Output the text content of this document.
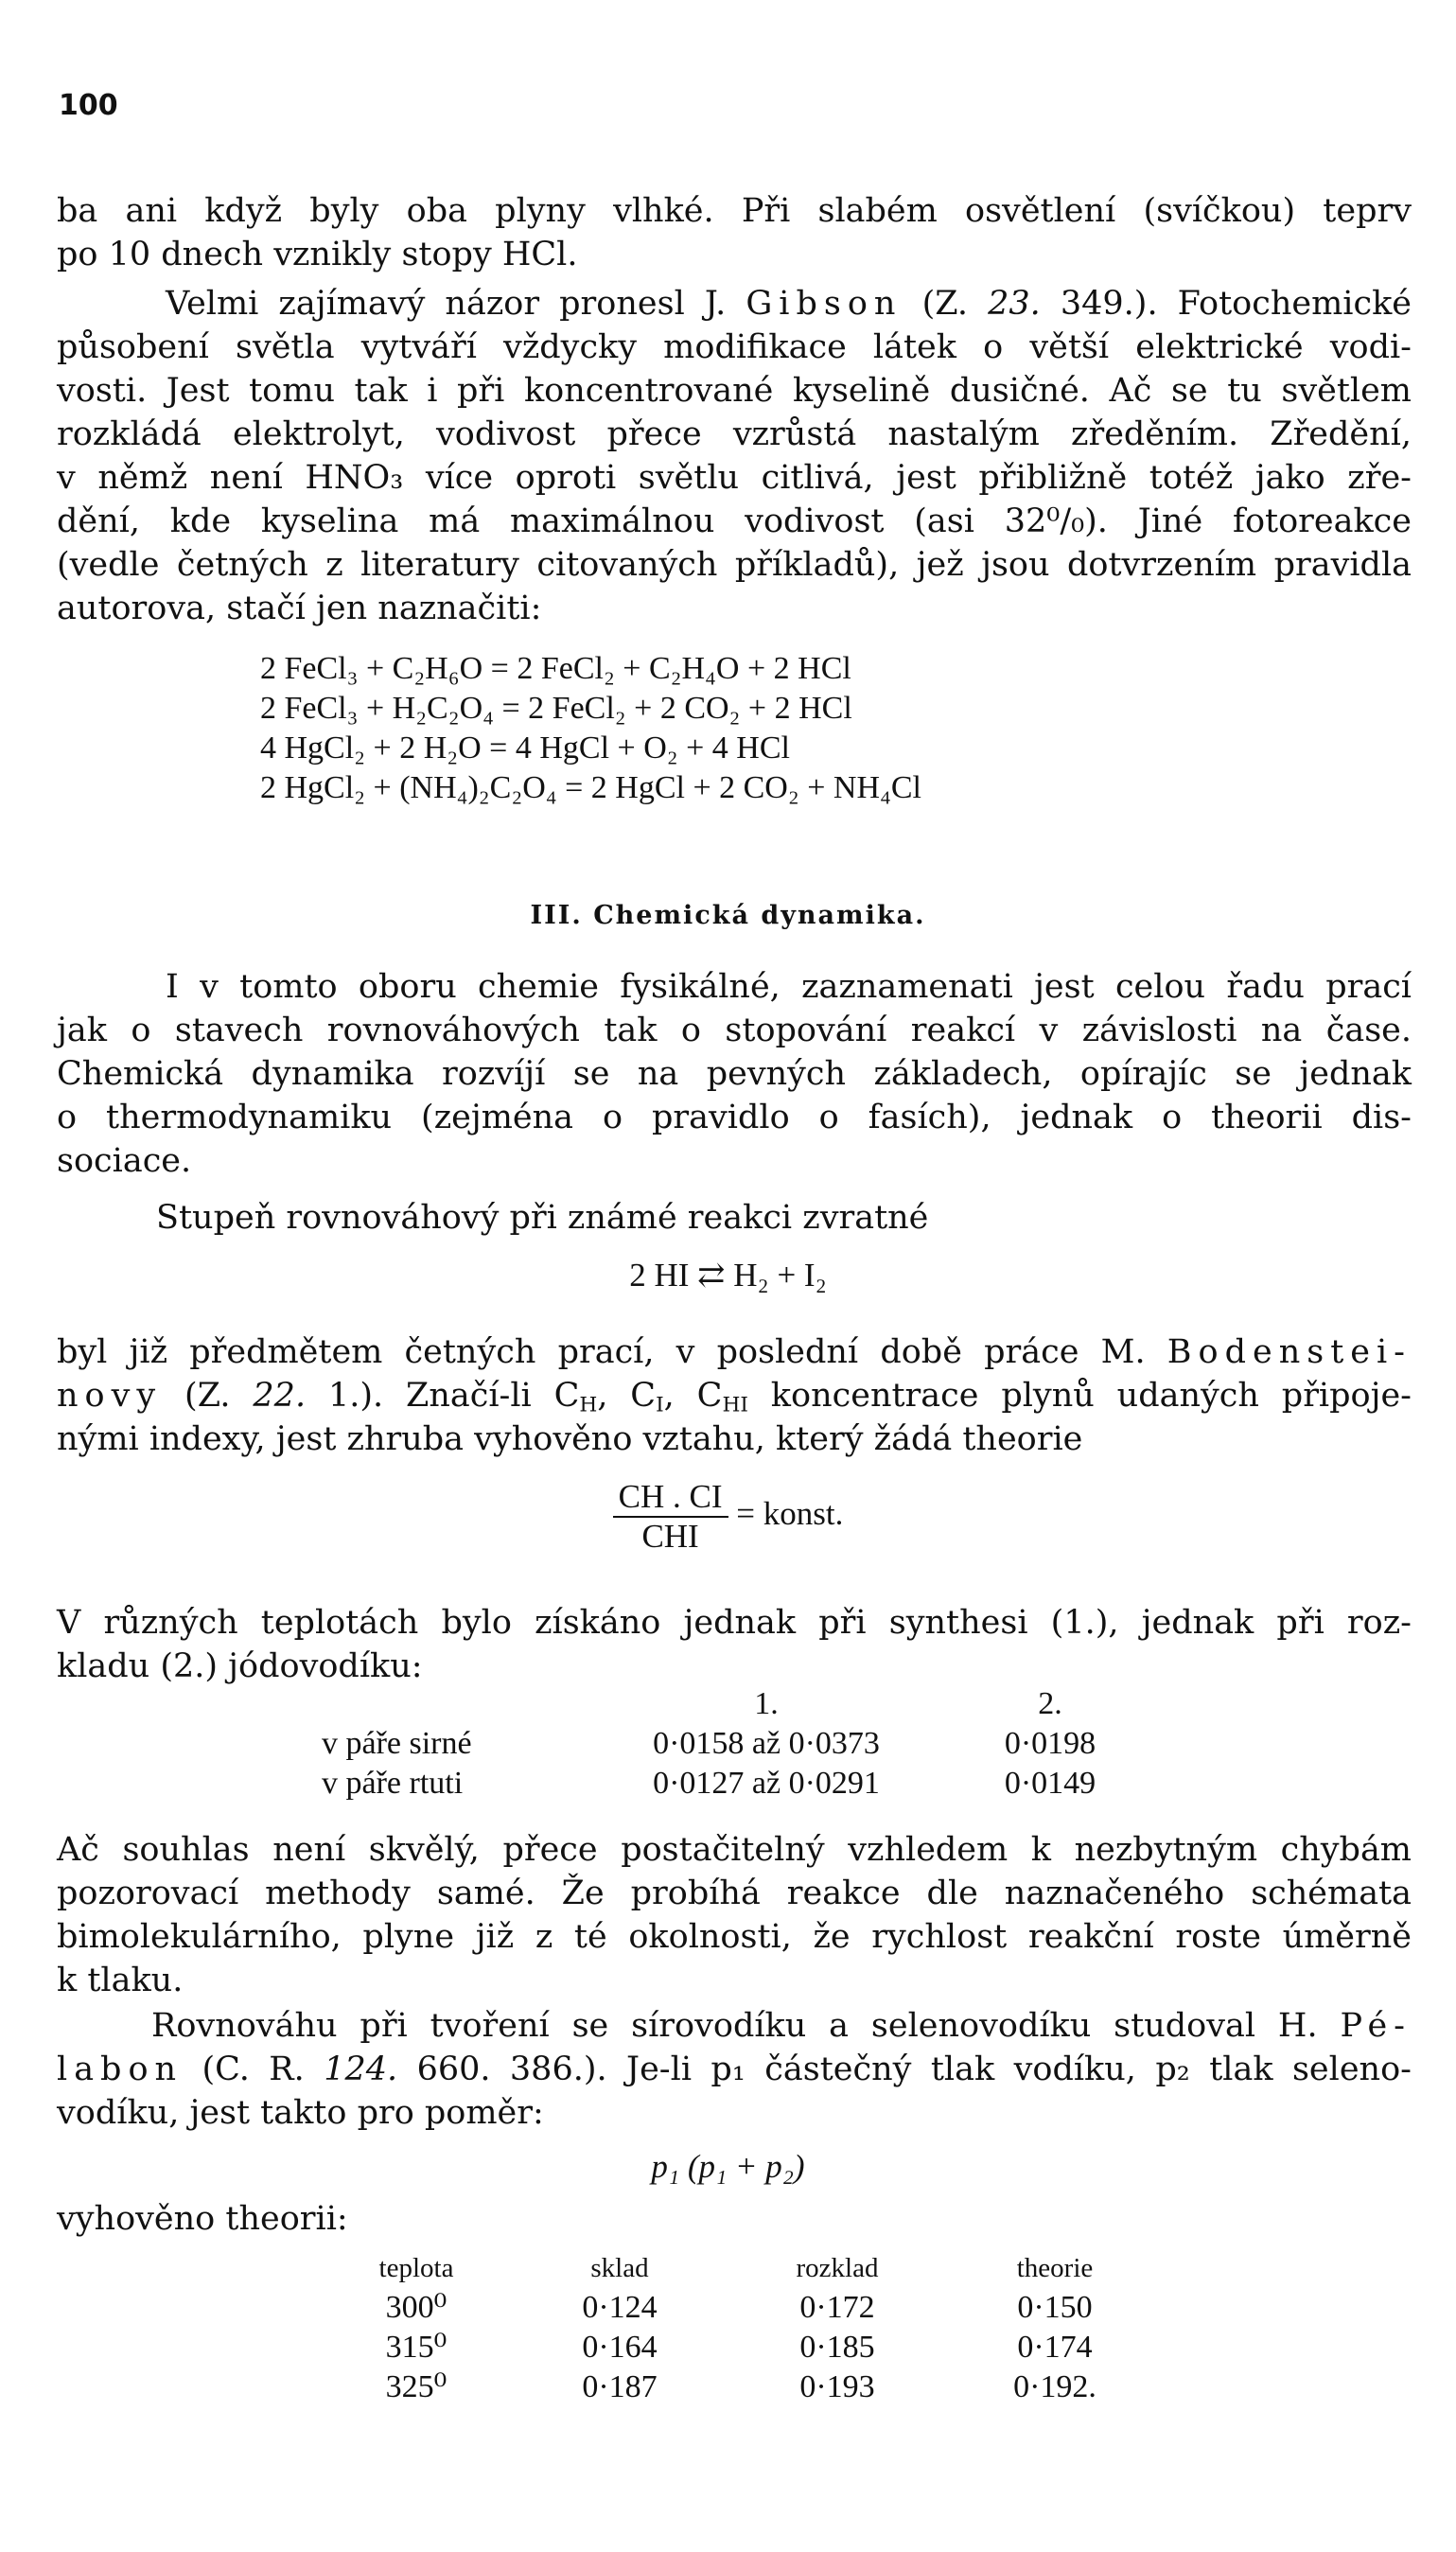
100
ba ani když byly oba plyny vlhké. Při slabém osvětlení (svíčkou) teprv
po 10 dnech vznikly stopy HCl.
Velmi zajímavý názor pronesl J. Gibson (Z. 23. 349.). Fotochemické
působení světla vytváří vždycky modifikace látek o větší elektrické vodi-
vosti. Jest tomu tak i při koncentrované kyselině dusičné. Ač se tu světlem
rozkládá elektrolyt, vodivost přece vzrůstá nastalým zředěním. Zředění,
v němž není HNO₃ více oproti světlu citlivá, jest přibližně totéž jako zře-
dění, kde kyselina má maximálnou vodivost (asi 32⁰/₀). Jiné fotoreakce
(vedle četných z literatury citovaných příkladů), jež jsou dotvrzením pravidla
autorova, stačí jen naznačiti:
2 FeCl₃ + C₂H₆O = 2 FeCl₂ + C₂H₄O + 2 HCl
2 FeCl₃ + H₂C₂O₄ = 2 FeCl₂ + 2 CO₂ + 2 HCl
4 HgCl₂ + 2 H₂O = 4 HgCl + O₂ + 4 HCl
2 HgCl₂ + (NH₄)₂C₂O₄ = 2 HgCl + 2 CO₂ + NH₄Cl
III. Chemická dynamika.
I v tomto oboru chemie fysikálné, zaznamenati jest celou řadu prací
jak o stavech rovnováhových tak o stopování reakcí v závislosti na čase.
Chemická dynamika rozvíjí se na pevných základech, opírajíc se jednak
o thermodynamiku (zejména o pravidlo o fasích), jednak o theorii dis-
sociace.
Stupeň rovnováhový při známé reakci zvratné
2 HI ⇄ H₂ + I₂
byl již předmětem četných prací, v poslední době práce M. Bodenstei-
novy (Z. 22. 1.). Značí-li $C_H$, $C_I$, $C_{HI}$ koncentrace plynů udaných připoje-
nými indexy, jest zhruba vyhověno vztahu, který žádá theorie
$\frac{CH . CI}{\text{CHI}}$ = konst.
V různých teplotách bylo získáno jednak při synthesi (1.), jednak při roz-
kladu (2.) jódovodíku:
	1.	2.
v páře sirné	0·0158 až 0·0373	0·0198
v páře rtuti	0·0127 až 0·0291	0·0149
Ač souhlas není skvělý, přece postačitelný vzhledem k nezbytným chybám
pozorovací methody samé. Že probíhá reakce dle naznačeného schémata
bimolekulárního, plyne již z té okolnosti, že rychlost reakční roste úměrně
k tlaku.
Rovnováhu při tvoření se sírovodíku a selenovodíku studoval H. Pé-
labon (C. R. 124. 660. 386.). Je-li p₁ částečný tlak vodíku, p₂ tlak seleno-
vodíku, jest takto pro poměr:
p₁ (p₁ + p₂)
vyhověno theorii:
teplota	sklad	rozklad	theorie
300⁰	0·124	0·172	0·150
315⁰	0·164	0·185	0·174
325⁰	0·187	0·193	0·192.
